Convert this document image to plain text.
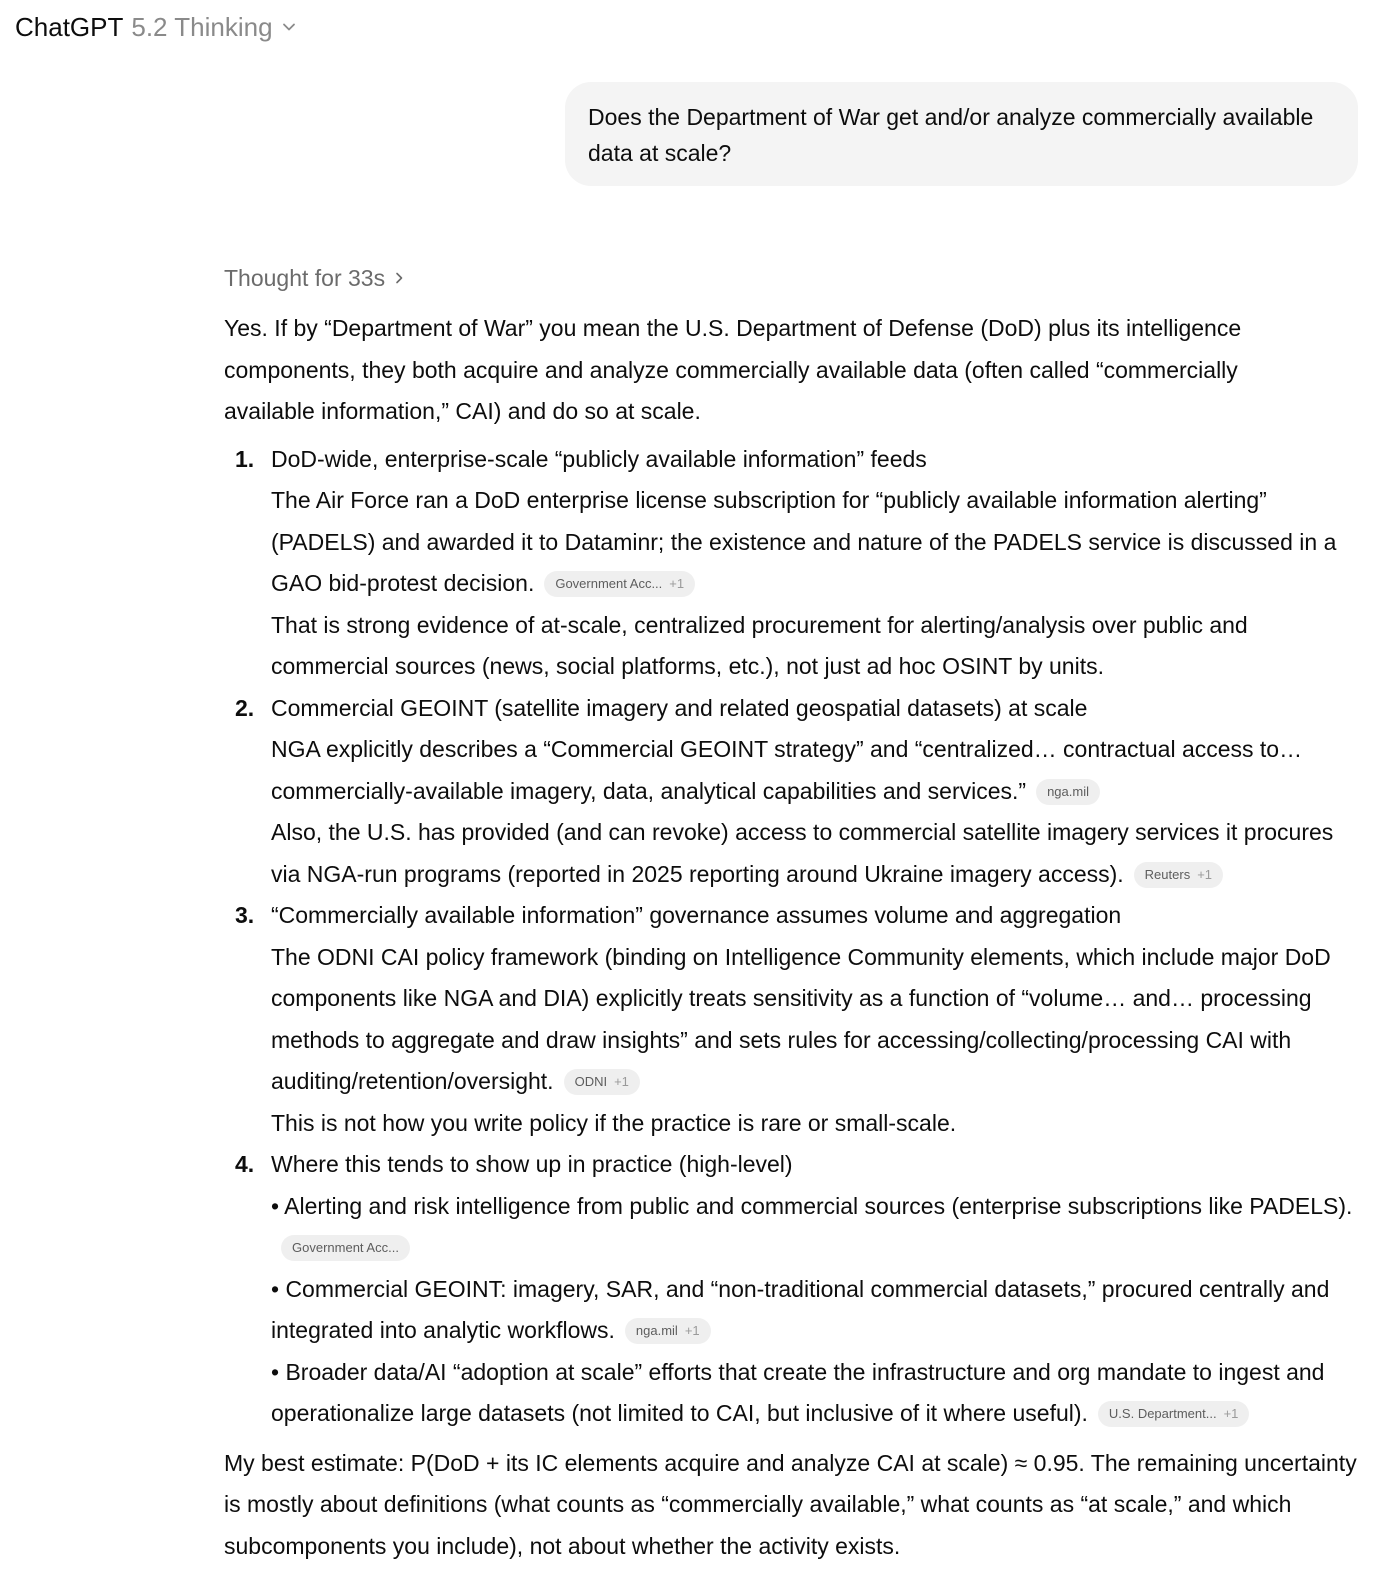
ChatGPT 5.2 Thinking
Does the Department of War get and/or analyze commercially available data at scale?
Thought for 33s

Yes. If by “Department of War” you mean the U.S. Department of Defense (DoD) plus its intelligence components, they both acquire and analyze commercially available data (often called “commercially available information,” CAI) and do so at scale.

1. DoD-wide, enterprise-scale “publicly available information” feeds
The Air Force ran a DoD enterprise license subscription for “publicly available information alerting” (PADELS) and awarded it to Dataminr; the existence and nature of the PADELS service is discussed in a GAO bid-protest decision. Government Acc... +1
That is strong evidence of at-scale, centralized procurement for alerting/analysis over public and commercial sources (news, social platforms, etc.), not just ad hoc OSINT by units.
2. Commercial GEOINT (satellite imagery and related geospatial datasets) at scale
NGA explicitly describes a “Commercial GEOINT strategy” and “centralized… contractual access to… commercially-available imagery, data, analytical capabilities and services.” nga.mil
Also, the U.S. has provided (and can revoke) access to commercial satellite imagery services it procures via NGA-run programs (reported in 2025 reporting around Ukraine imagery access). Reuters +1
3. “Commercially available information” governance assumes volume and aggregation
The ODNI CAI policy framework (binding on Intelligence Community elements, which include major DoD components like NGA and DIA) explicitly treats sensitivity as a function of “volume… and… processing methods to aggregate and draw insights” and sets rules for accessing/collecting/processing CAI with auditing/retention/oversight. ODNI +1
This is not how you write policy if the practice is rare or small-scale.
4. Where this tends to show up in practice (high-level)
• Alerting and risk intelligence from public and commercial sources (enterprise subscriptions like PADELS).
Government Acc...
• Commercial GEOINT: imagery, SAR, and “non-traditional commercial datasets,” procured centrally and integrated into analytic workflows. nga.mil +1
• Broader data/AI “adoption at scale” efforts that create the infrastructure and org mandate to ingest and operationalize large datasets (not limited to CAI, but inclusive of it where useful). U.S. Department... +1

My best estimate: P(DoD + its IC elements acquire and analyze CAI at scale) ≈ 0.95. The remaining uncertainty is mostly about definitions (what counts as “commercially available,” what counts as “at scale,” and which subcomponents you include), not about whether the activity exists.
